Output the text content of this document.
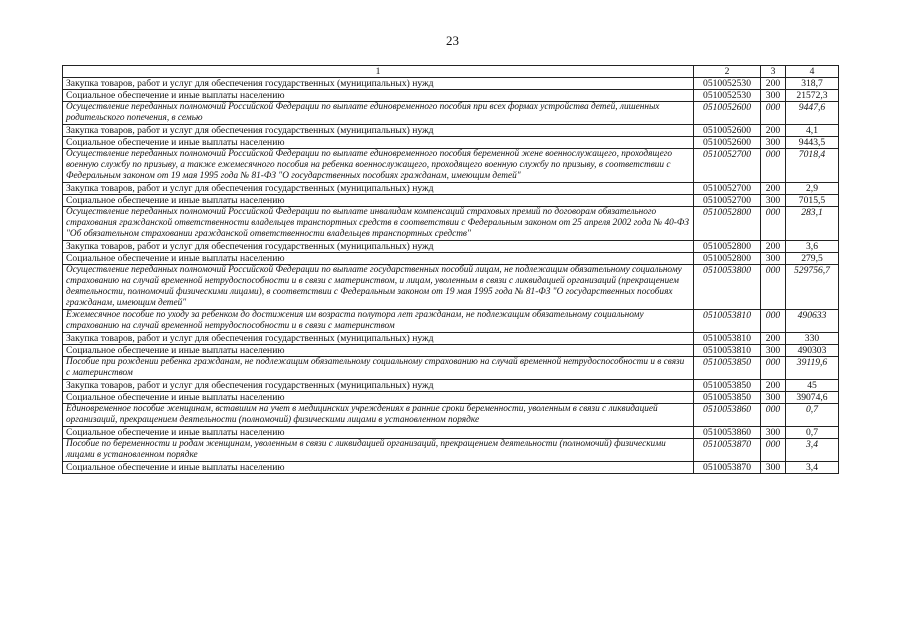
23
1	2	3	4
Закупка товаров, работ и услуг для обеспечения государственных (муниципальных) нужд	0510052530	200	318,7
Социальное обеспечение и иные выплаты населению	0510052530	300	21572,3
Осуществление переданных полномочий Российской Федерации по выплате единовременного пособия при всех формах устройства детей, лишенных родительского попечения, в семью	0510052600	000	9447,6
Закупка товаров, работ и услуг для обеспечения государственных (муниципальных) нужд	0510052600	200	4,1
Социальное обеспечение и иные выплаты населению	0510052600	300	9443,5
Осуществление переданных полномочий Российской Федерации по выплате единовременного пособия беременной жене военнослужащего, проходящего военную службу по призыву, а также ежемесячного пособия на ребенка военнослужащего, проходящего военную службу по призыву, в соответствии с Федеральным законом от 19 мая 1995 года № 81-ФЗ "О государственных пособиях гражданам, имеющим детей"	0510052700	000	7018,4
Закупка товаров, работ и услуг для обеспечения государственных (муниципальных) нужд	0510052700	200	2,9
Социальное обеспечение и иные выплаты населению	0510052700	300	7015,5
Осуществление переданных полномочий Российской Федерации по выплате инвалидам компенсаций страховых премий по договорам обязательного страхования гражданской ответственности владельцев транспортных средств в соответствии с Федеральным законом от 25 апреля 2002 года № 40-ФЗ "Об обязательном страховании гражданской ответственности владельцев транспортных средств"	0510052800	000	283,1
Закупка товаров, работ и услуг для обеспечения государственных (муниципальных) нужд	0510052800	200	3,6
Социальное обеспечение и иные выплаты населению	0510052800	300	279,5
Осуществление переданных полномочий Российской Федерации по выплате государственных пособий лицам, не подлежащим обязательному социальному страхованию на случай временной нетрудоспособности и в связи с материнством, и лицам, уволенным в связи с ликвидацией организаций (прекращением деятельности, полномочий физическими лицами), в соответствии с Федеральным законом от 19 мая 1995 года № 81-ФЗ "О государственных пособиях гражданам, имеющим детей"	0510053800	000	529756,7
Ежемесячное пособие по уходу за ребенком до достижения им возраста полутора лет гражданам, не подлежащим обязательному социальному страхованию на случай временной нетрудоспособности и в связи с материнством	0510053810	000	490633
Закупка товаров, работ и услуг для обеспечения государственных (муниципальных) нужд	0510053810	200	330
Социальное обеспечение и иные выплаты населению	0510053810	300	490303
Пособие при рождении ребенка гражданам, не подлежащим обязательному социальному страхованию на случай временной нетрудоспособности и в связи с материнством	0510053850	000	39119,6
Закупка товаров, работ и услуг для обеспечения государственных (муниципальных) нужд	0510053850	200	45
Социальное обеспечение и иные выплаты населению	0510053850	300	39074,6
Единовременное пособие женщинам, вставшим на учет в медицинских учреждениях в ранние сроки беременности, уволенным в связи с ликвидацией организаций, прекращением деятельности (полномочий) физическими лицами в установленном порядке	0510053860	000	0,7
Социальное обеспечение и иные выплаты населению	0510053860	300	0,7
Пособие по беременности и родам женщинам, уволенным в связи с ликвидацией организаций, прекращением деятельности (полномочий) физическими лицами в установленном порядке	0510053870	000	3,4
Социальное обеспечение и иные выплаты населению	0510053870	300	3,4
